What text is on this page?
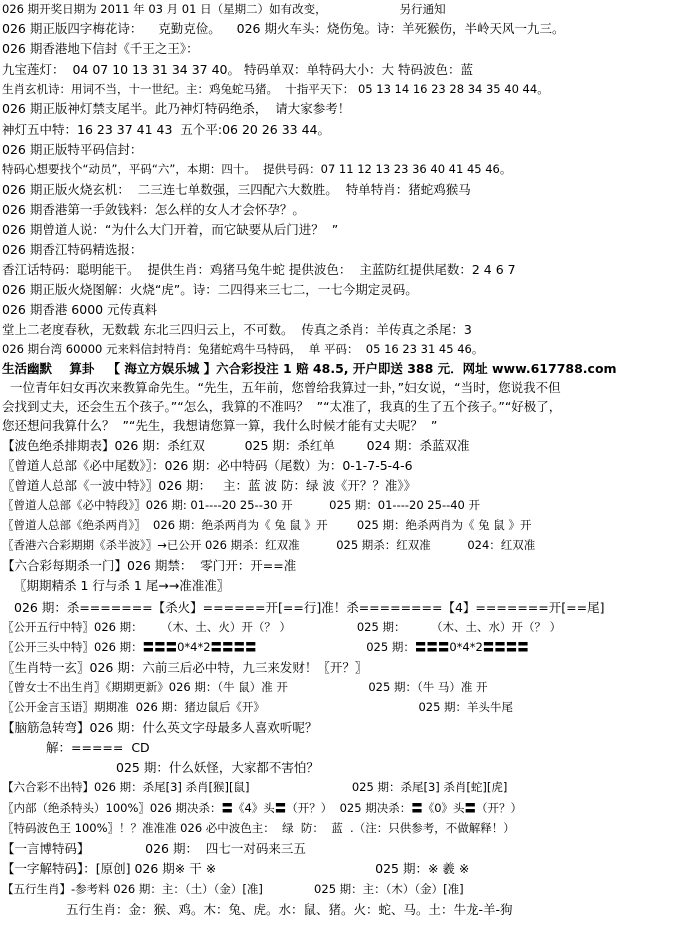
026 期开奖日期为 2011 年 03 月 01 日（星期二）如有改变，                    另行通知
026 期正版四字梅花诗：    克勤克俭。    026 期火车头：烧伤兔。诗：羊死猴伤，半岭天风一九三。
026 期香港地下信封《千王之王》：
九宝莲灯：  04 07 10 13 31 34 37 40。 特码单双：单特码大小：大 特码波色：蓝
生肖玄机诗：用词不当，十一世纪。主：鸡兔蛇马猪。  十指平天下： 05 13 14 16 23 28 34 35 40 44。
026 期正版神灯禁支尾半。此乃神灯特码绝杀，  请大家参考！
神灯五中特：16 23 37 41 43  五个平:06 20 26 33 44。
026 期正版特平码信封：
特码心想要找个“动员”，平码“六”，本期：四十。  提供号码：07 11 12 13 23 36 40 41 45 46。
026 期正版火烧玄机：  二三连七单数强，三四配六大数胜。  特单特肖：猪蛇鸡猴马
026 期香港第一手敛钱料：怎么样的女人才会怀孕？。
026 期曾道人说：“为什么大门开着，而它缺要从后门进？  ”
026 期香江特码精选报：
香江话特码：聪明能干。  提供生肖：鸡猪马兔牛蛇 提供波色：  主蓝防红提供尾数：2 4 6 7
026 期正版火烧图解：火烧“虎”。诗：二四得来三七二，一七今期定灵码。
026 期香港 6000 元传真料
堂上二老度春秋，无数载 东北三四归云上，不可数。  传真之杀肖：羊传真之杀尾：3
026 期台湾 60000 元来料信封特肖：兔猪蛇鸡牛马特码，  单 平码：  05 16 23 31 45 46。
生活幽默    算卦   【 海立方娱乐城 】六合彩投注 1 赔 48.5, 开户即送 388 元．网址 www.617788.com
一位青年妇女再次来教算命先生。“先生，五年前，您曾给我算过一卦，”妇女说，“当时，您说我不但
会找到丈夫，还会生五个孩子。”“怎么，我算的不准吗？  ”“太准了，我真的生了五个孩子。”“好极了，
您还想问我算什么？  ”“先生，我想请您算一算，我什么时候才能有丈夫呢？  ”
【波色绝杀排期表】026 期：杀红双          025 期：杀红单        024 期：杀蓝双准
〖曾道人总部《必中尾数》〗：026 期：必中特码（尾数）为：0-1-7-5-4-6
〖曾道人总部《一波中特》〗026 期：   主：蓝 波 防：绿 波《开？？准》》
〖曾道人总部《必中特段》〗026 期: 01----20 25--30 开          025 期：01----20 25--40 开
〖曾道人总部《绝杀两肖》〗  026 期：绝杀两肖为《 兔 鼠 》开        025 期：绝杀两肖为《 兔 鼠 》开
〖香港六合彩期期《杀半波》〗→已公开 026 期杀：红双准          025 期杀：红双准          024：红双准
【六合彩每期杀一门】026 期禁：  零门开：开==准
〖期期精杀 1 行与杀 1 尾→→准准准〗
026 期：杀=======【杀火】======开[==行]准！杀========【4】=======开[==尾]
〖公开五行中特〗026 期：     （木、土、火）开（？ ）                  025 期：       （木、土、水）开（？ ）
〖公开三头中特〗026 期：〓〓〓0*4*2〓〓〓〓                              025 期：〓〓〓0*4*2〓〓〓〓
〖生肖特一玄〗026 期：六前三后必中特，九三来发财！〖开？〗
〖曾女士不出生肖〗《期期更新》026 期：（牛 鼠）准 开                      025 期：（牛 马）准 开
〖公开金言玉语〗期期准  026 期：猪边鼠后《开》                                          025 期：羊头牛尾
【脑筋急转弯】026 期：什么英文字母最多人喜欢听呢？
解：=====  CD
025 期：什么妖怪，大家都不害怕？
【六合彩不出特】026 期：杀尾[3] 杀肖[猴][鼠]                            025 期：杀尾[3] 杀肖[蛇][虎]
〖内部（绝杀特头）100%〗026 期决杀：〓《4》头〓（开？）  025 期决杀：〓《0》头〓（开？）
〖特码波色王 100%〗！？准准准 026 必中波色主：  绿  防：  蓝  .（注：只供参考，不做解释！）
【一言博特码】              026 期：  四七一对码来三五
【一字解特码】：[原创] 026 期※ 干 ※                                        025 期：※ 羲 ※
【五行生肖】-参考料 026 期：主：（土）（金）[准]              025 期：主：（木）（金）[准]
五行生肖：金：猴、鸡。木：兔、虎。水：鼠、猪。火：蛇、马。土：牛龙-羊-狗
